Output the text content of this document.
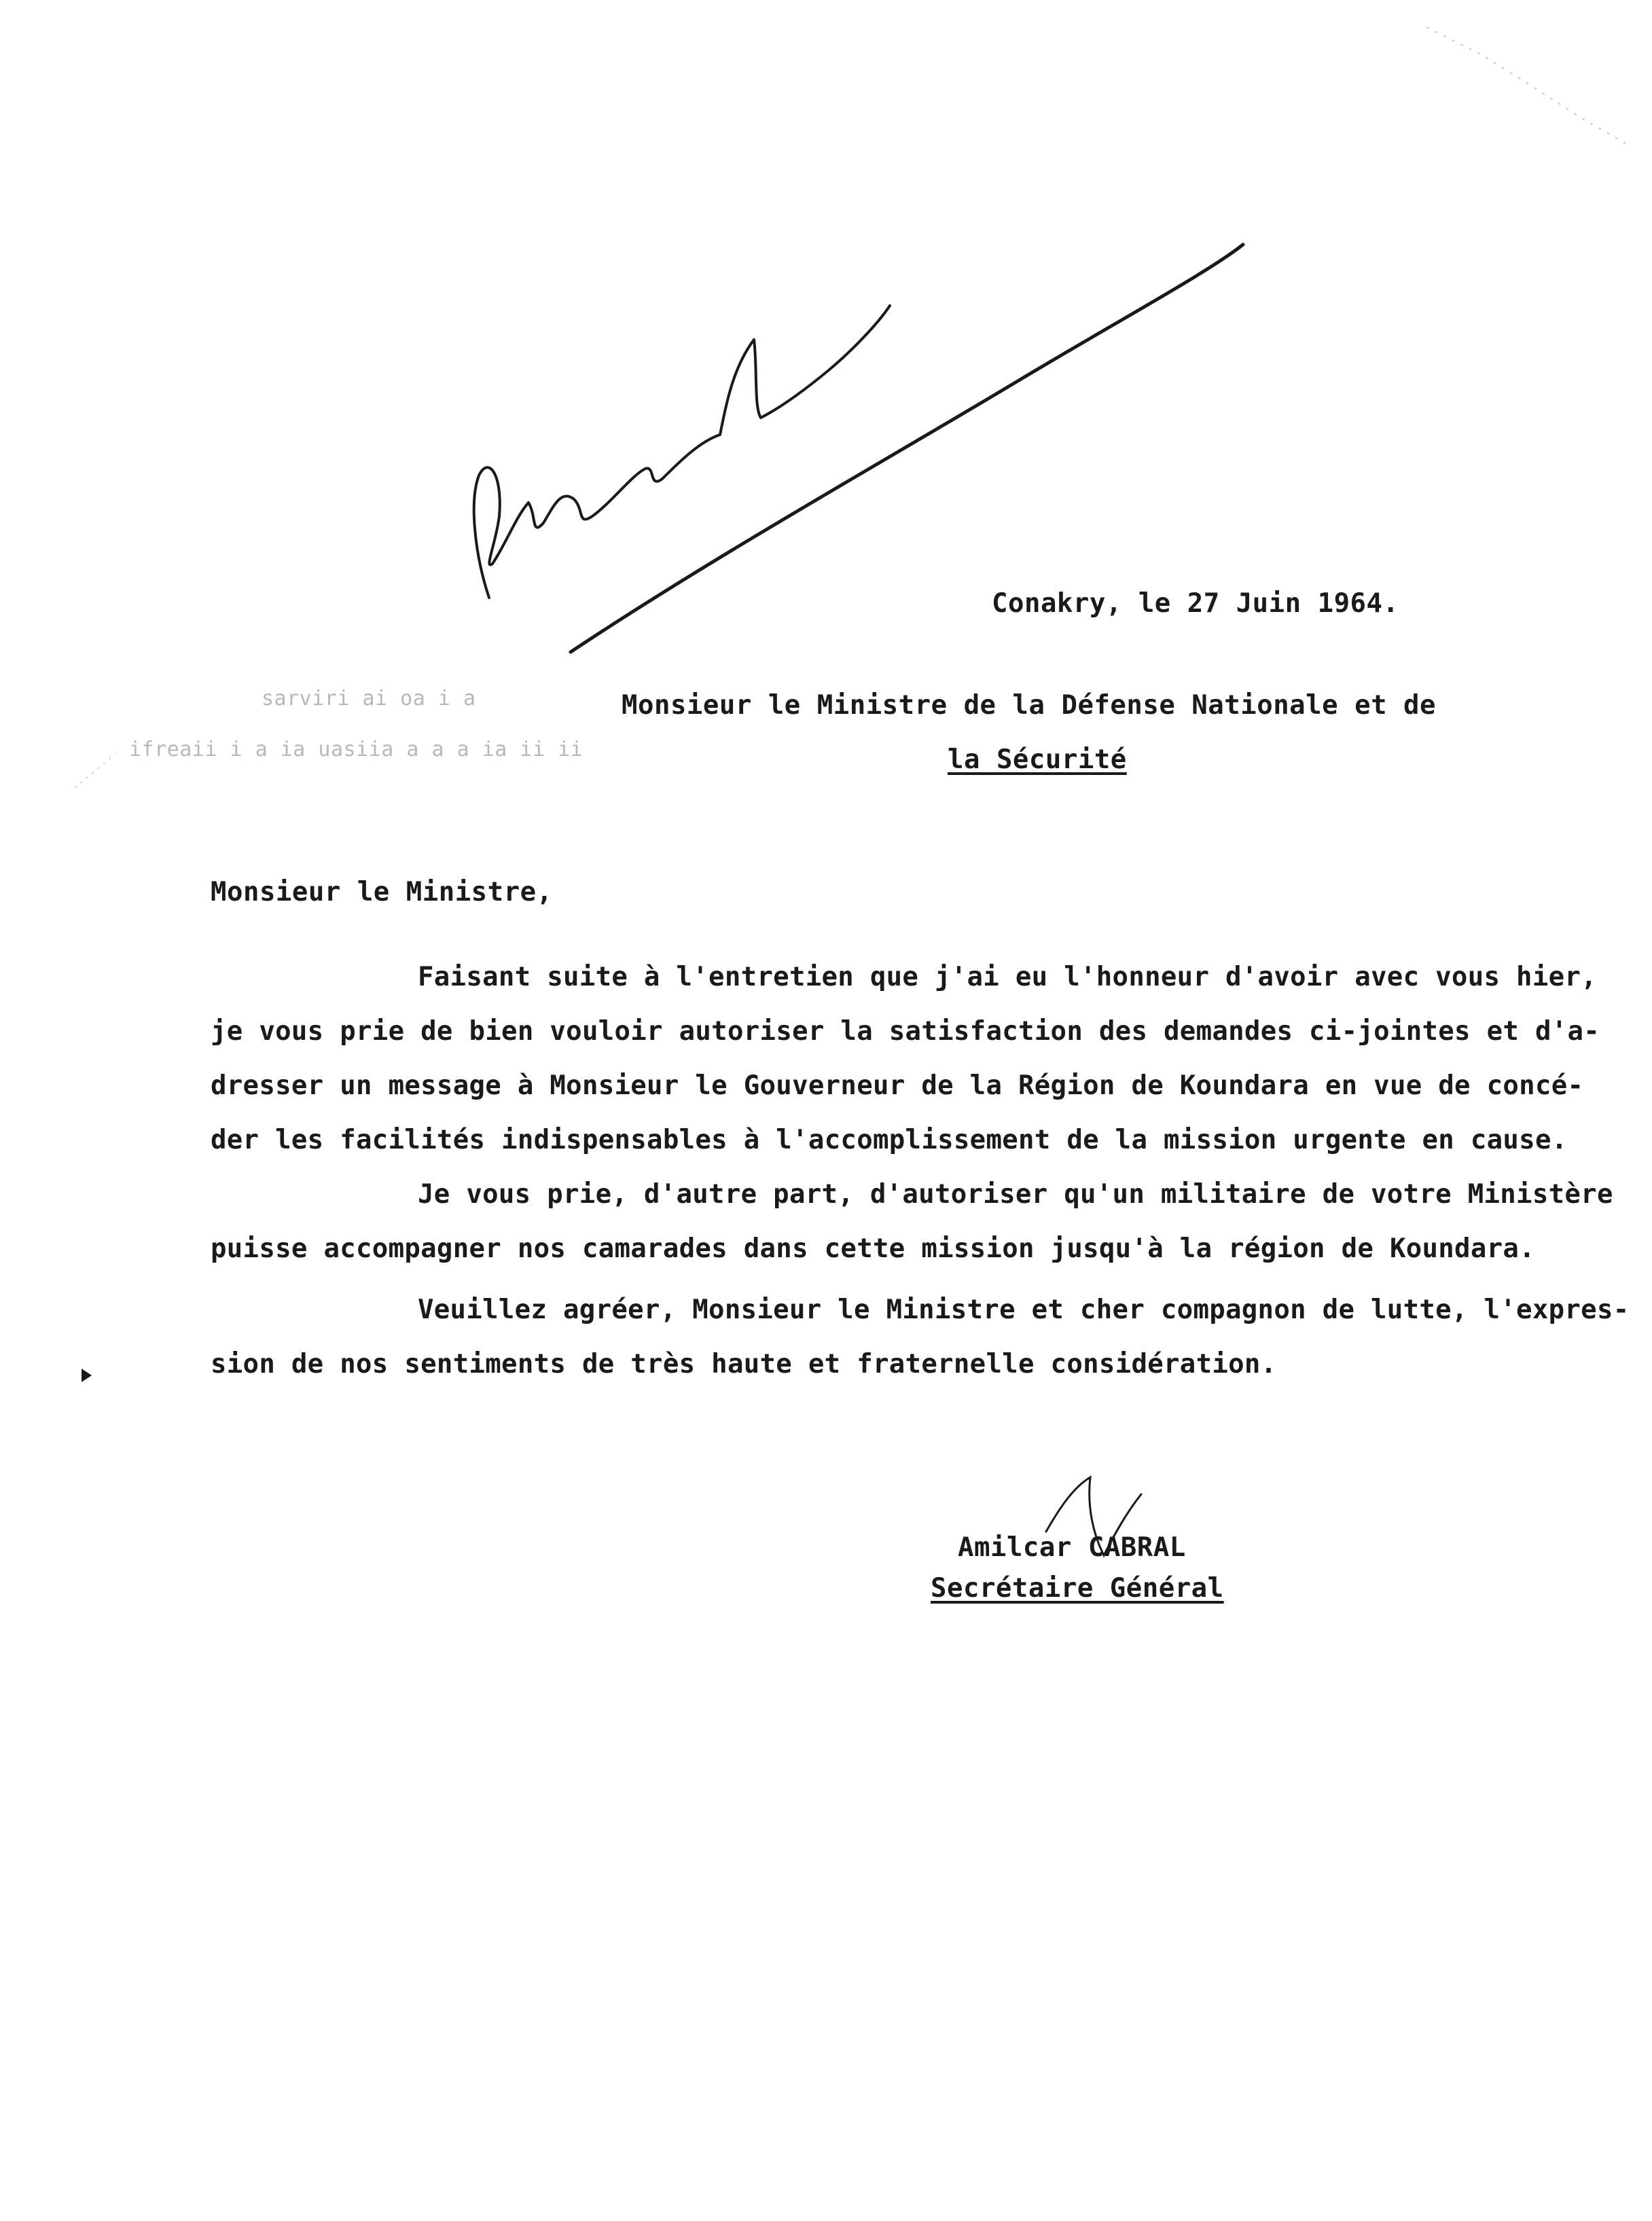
sarviri ai oa i a
ifreaii i a ia uasiia a a a ia ii ii
Conakry, le 27 Juin 1964.
Monsieur le Ministre de la Défense Nationale et de
la Sécurité
Monsieur le Ministre,
Faisant suite à l'entretien que j'ai eu l'honneur d'avoir avec vous hier,
je vous prie de bien vouloir autoriser la satisfaction des demandes ci-jointes et d'a-
dresser un message à Monsieur le Gouverneur de la Région de Koundara en vue de concé-
der les facilités indispensables à l'accomplissement de la mission urgente en cause.
Je vous prie, d'autre part, d'autoriser qu'un militaire de votre Ministère
puisse accompagner nos camarades dans cette mission jusqu'à la région de Koundara.
Veuillez agréer, Monsieur le Ministre et cher compagnon de lutte, l'expres-
sion de nos sentiments de très haute et fraternelle considération.
Amilcar CABRAL
Secrétaire Général
